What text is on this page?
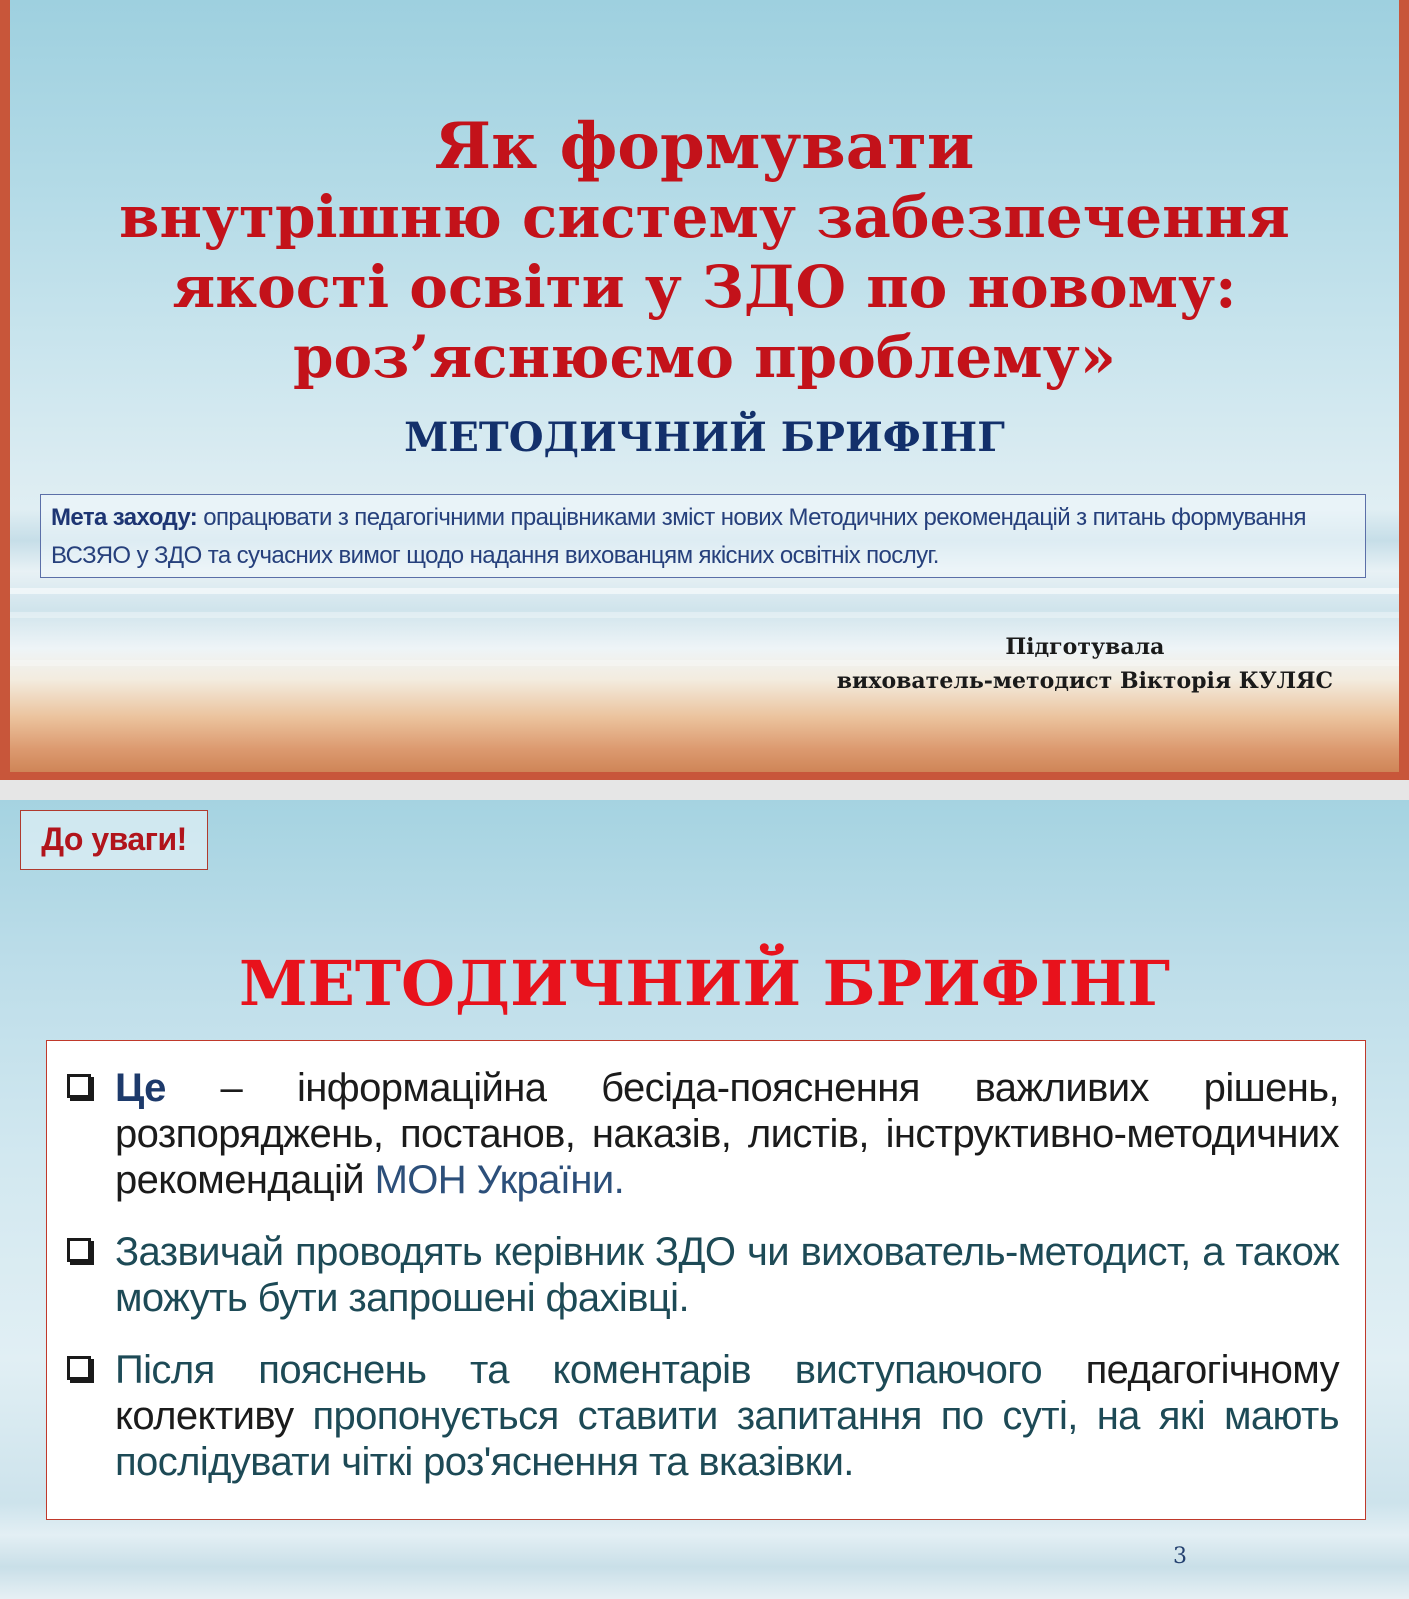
Як формувати
внутрішню систему забезпечення
якості освіти у ЗДО по новому:
роз’яснюємо проблему»
МЕТОДИЧНИЙ БРИФІНГ
Мета заходу: опрацювати з педагогічними працівниками зміст нових Методичних рекомендацій з питань формування ВСЗЯО у ЗДО та сучасних вимог щодо надання вихованцям якісних освітніх послуг.
Підготувала
вихователь-методист Вікторія КУЛЯС
До уваги!
МЕТОДИЧНИЙ БРИФІНГ

Це – інформаційна бесіда-пояснення важливих рішень, розпоряджень, постанов, наказів, листів, інструктивно-методичних рекомендацій МОН України.

Зазвичай проводять керівник ЗДО чи вихователь-методист, а також можуть бути запрошені фахівці.

Після пояснень та коментарів виступаючого педагогічному колективу пропонується ставити запитання по суті, на які мають послідувати чіткі роз'яснення та вказівки.

3
